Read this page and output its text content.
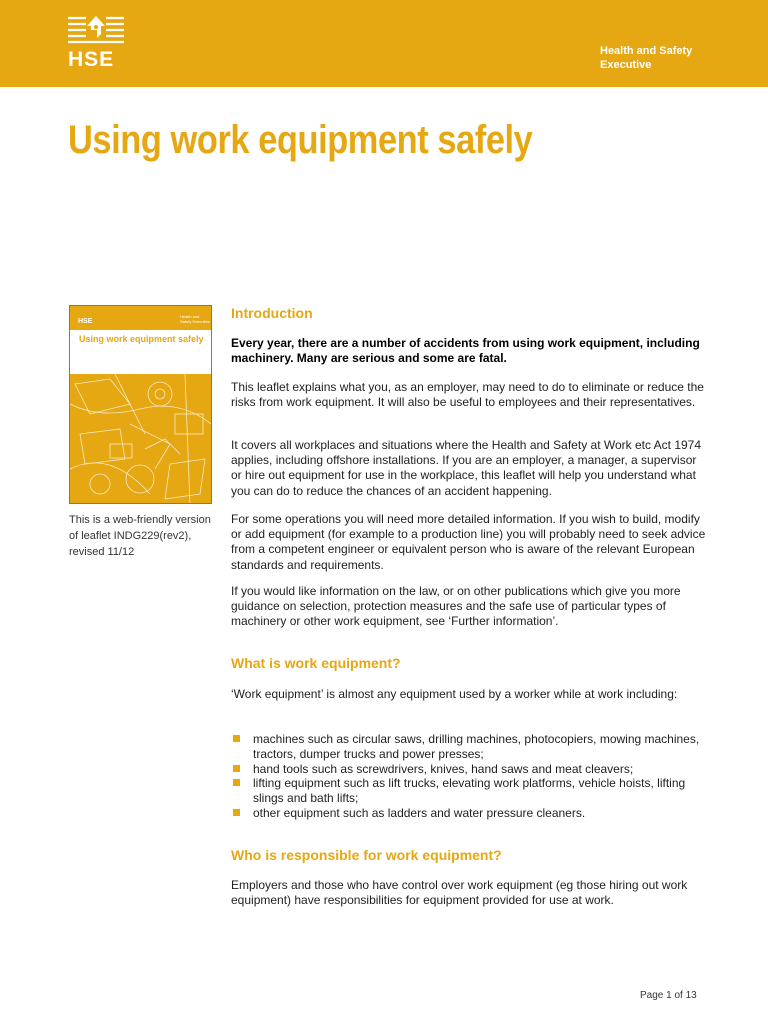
HSE	Health and Safety
Executive
Using work equipment safely
HSE
Health and Safety Executive
Using work equipment safely
This is a web-friendly version of leaflet INDG229(rev2), revised 11/12
Introduction
Every year, there are a number of accidents from using work equipment, including machinery. Many are serious and some are fatal.
This leaflet explains what you, as an employer, may need to do to eliminate or reduce the risks from work equipment. It will also be useful to employees and their representatives.
It covers all workplaces and situations where the Health and Safety at Work etc Act 1974 applies, including offshore installations. If you are an employer, a manager, a supervisor or hire out equipment for use in the workplace, this leaflet will help you understand what you can do to reduce the chances of an accident happening.
For some operations you will need more detailed information. If you wish to build, modify or add equipment (for example to a production line) you will probably need to seek advice from a competent engineer or equivalent person who is aware of the relevant European standards and requirements.
If you would like information on the law, or on other publications which give you more guidance on selection, protection measures and the safe use of particular types of machinery or other work equipment, see ‘Further information’.
What is work equipment?
‘Work equipment’ is almost any equipment used by a worker while at work including:
machines such as circular saws, drilling machines, photocopiers, mowing machines, tractors, dumper trucks and power presses;
hand tools such as screwdrivers, knives, hand saws and meat cleavers;
lifting equipment such as lift trucks, elevating work platforms, vehicle hoists, lifting slings and bath lifts;
other equipment such as ladders and water pressure cleaners.
Who is responsible for work equipment?
Employers and those who have control over work equipment (eg those hiring out work equipment) have responsibilities for equipment provided for use at work.
Page 1 of 13
